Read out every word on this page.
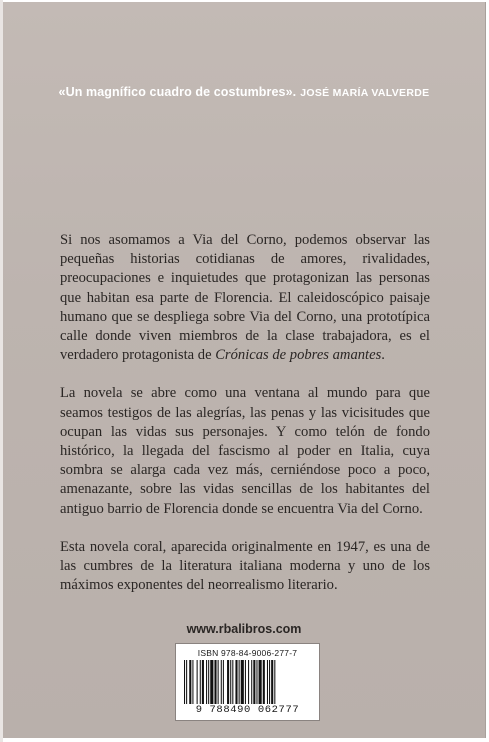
«Un magnífico cuadro de costumbres». JOSÉ MARÍA VALVERDE

Si nos asomamos a Via del Corno, podemos observar las pequeñas historias cotidianas de amores, rivalidades, preocupaciones e inquietudes que protagonizan las personas que habitan esa parte de Florencia. El caleidoscópico paisaje humano que se despliega sobre Via del Corno, una prototípica calle donde viven miembros de la clase trabajadora, es el verdadero protagonista de Crónicas de pobres amantes.

La novela se abre como una ventana al mundo para que seamos testigos de las alegrías, las penas y las vicisitudes que ocupan las vidas sus personajes. Y como telón de fondo histórico, la llegada del fascismo al poder en Italia, cuya sombra se alarga cada vez más, cerniéndose poco a poco, amenazante, sobre las vidas sencillas de los habitantes del antiguo barrio de Florencia donde se encuentra Via del Corno.

Esta novela coral, aparecida originalmente en 1947, es una de las cumbres de la literatura italiana moderna y uno de los máximos exponentes del neorrealismo literario.

www.rbalibros.com
ISBN 978-84-9006-277-7
9 788490 062777
